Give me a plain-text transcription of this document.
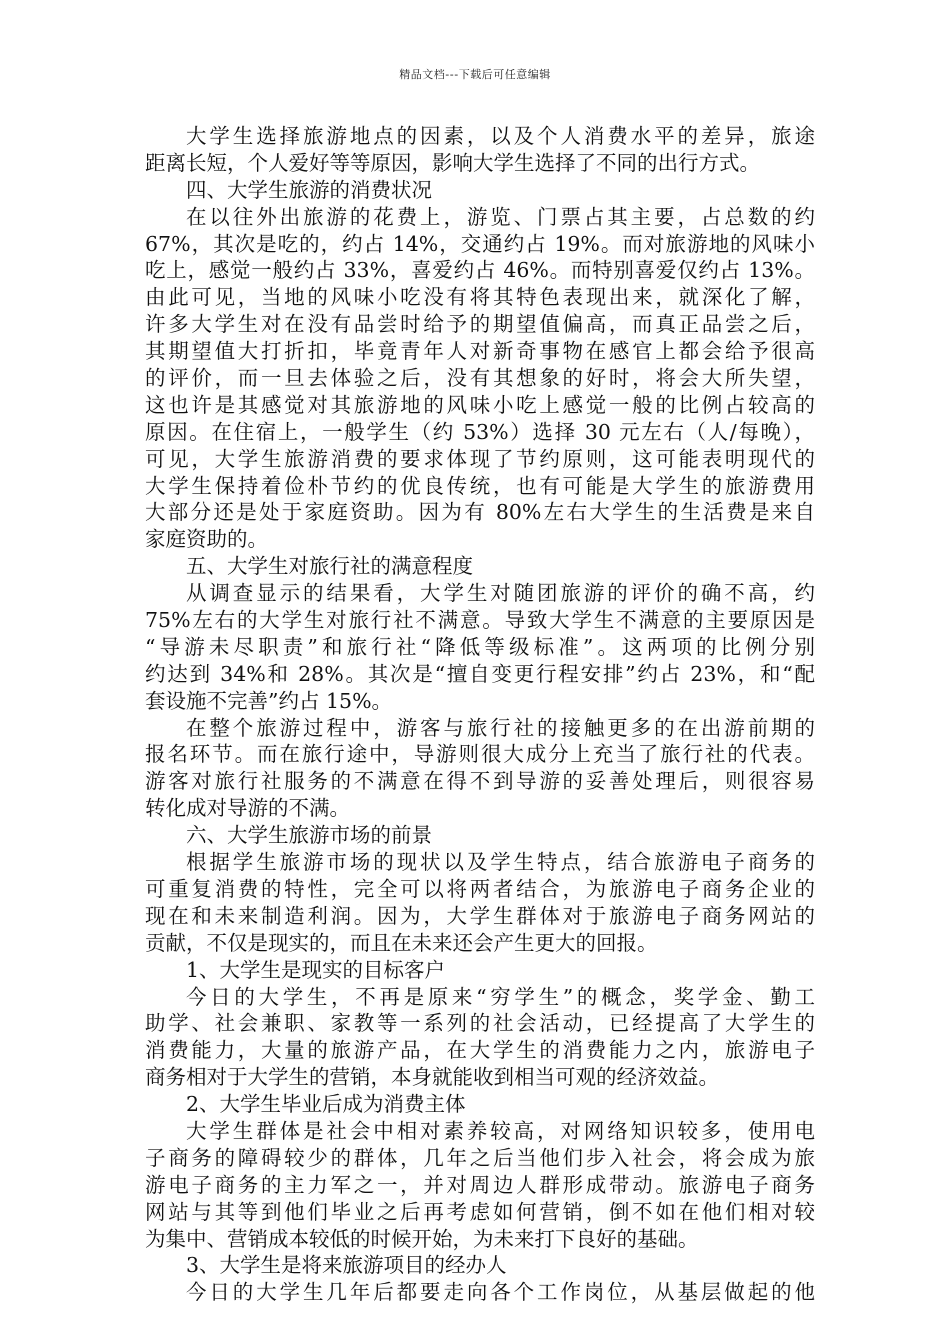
精品文档---下载后可任意编辑
大学生选择旅游地点的因素，以及个人消费水平的差异，旅途
距离长短，个人爱好等等原因，影响大学生选择了不同的出行方式。
四、大学生旅游的消费状况
在以往外出旅游的花费上，游览、门票占其主要，占总数的约
67%，其次是吃的，约占 14%，交通约占 19%。而对旅游地的风味小
吃上，感觉一般约占 33%，喜爱约占 46%。而特别喜爱仅约占 13%。
由此可见，当地的风味小吃没有将其特色表现出来，就深化了解，
许多大学生对在没有品尝时给予的期望值偏高，而真正品尝之后，
其期望值大打折扣，毕竟青年人对新奇事物在感官上都会给予很高
的评价，而一旦去体验之后，没有其想象的好时，将会大所失望，
这也许是其感觉对其旅游地的风味小吃上感觉一般的比例占较高的
原因。在住宿上，一般学生（约 53%）选择 30 元左右（人/每晚），
可见，大学生旅游消费的要求体现了节约原则，这可能表明现代的
大学生保持着俭朴节约的优良传统，也有可能是大学生的旅游费用
大部分还是处于家庭资助。因为有 80%左右大学生的生活费是来自
家庭资助的。
五、大学生对旅行社的满意程度
从调查显示的结果看，大学生对随团旅游的评价的确不高，约
75%左右的大学生对旅行社不满意。导致大学生不满意的主要原因是
“导游未尽职责”和旅行社“降低等级标准”。这两项的比例分别
约达到 34%和 28%。其次是“擅自变更行程安排”约占 23%，和“配
套设施不完善”约占 15%。
在整个旅游过程中，游客与旅行社的接触更多的在出游前期的
报名环节。而在旅行途中，导游则很大成分上充当了旅行社的代表。
游客对旅行社服务的不满意在得不到导游的妥善处理后，则很容易
转化成对导游的不满。
六、大学生旅游市场的前景
根据学生旅游市场的现状以及学生特点，结合旅游电子商务的
可重复消费的特性，完全可以将两者结合，为旅游电子商务企业的
现在和未来制造利润。因为，大学生群体对于旅游电子商务网站的
贡献，不仅是现实的，而且在未来还会产生更大的回报。
1、大学生是现实的目标客户
今日的大学生，不再是原来“穷学生”的概念，奖学金、勤工
助学、社会兼职、家教等一系列的社会活动，已经提高了大学生的
消费能力，大量的旅游产品，在大学生的消费能力之内，旅游电子
商务相对于大学生的营销，本身就能收到相当可观的经济效益。
2、大学生毕业后成为消费主体
大学生群体是社会中相对素养较高，对网络知识较多，使用电
子商务的障碍较少的群体，几年之后当他们步入社会，将会成为旅
游电子商务的主力军之一，并对周边人群形成带动。旅游电子商务
网站与其等到他们毕业之后再考虑如何营销，倒不如在他们相对较
为集中、营销成本较低的时候开始，为未来打下良好的基础。
3、大学生是将来旅游项目的经办人
今日的大学生几年后都要走向各个工作岗位，从基层做起的他
